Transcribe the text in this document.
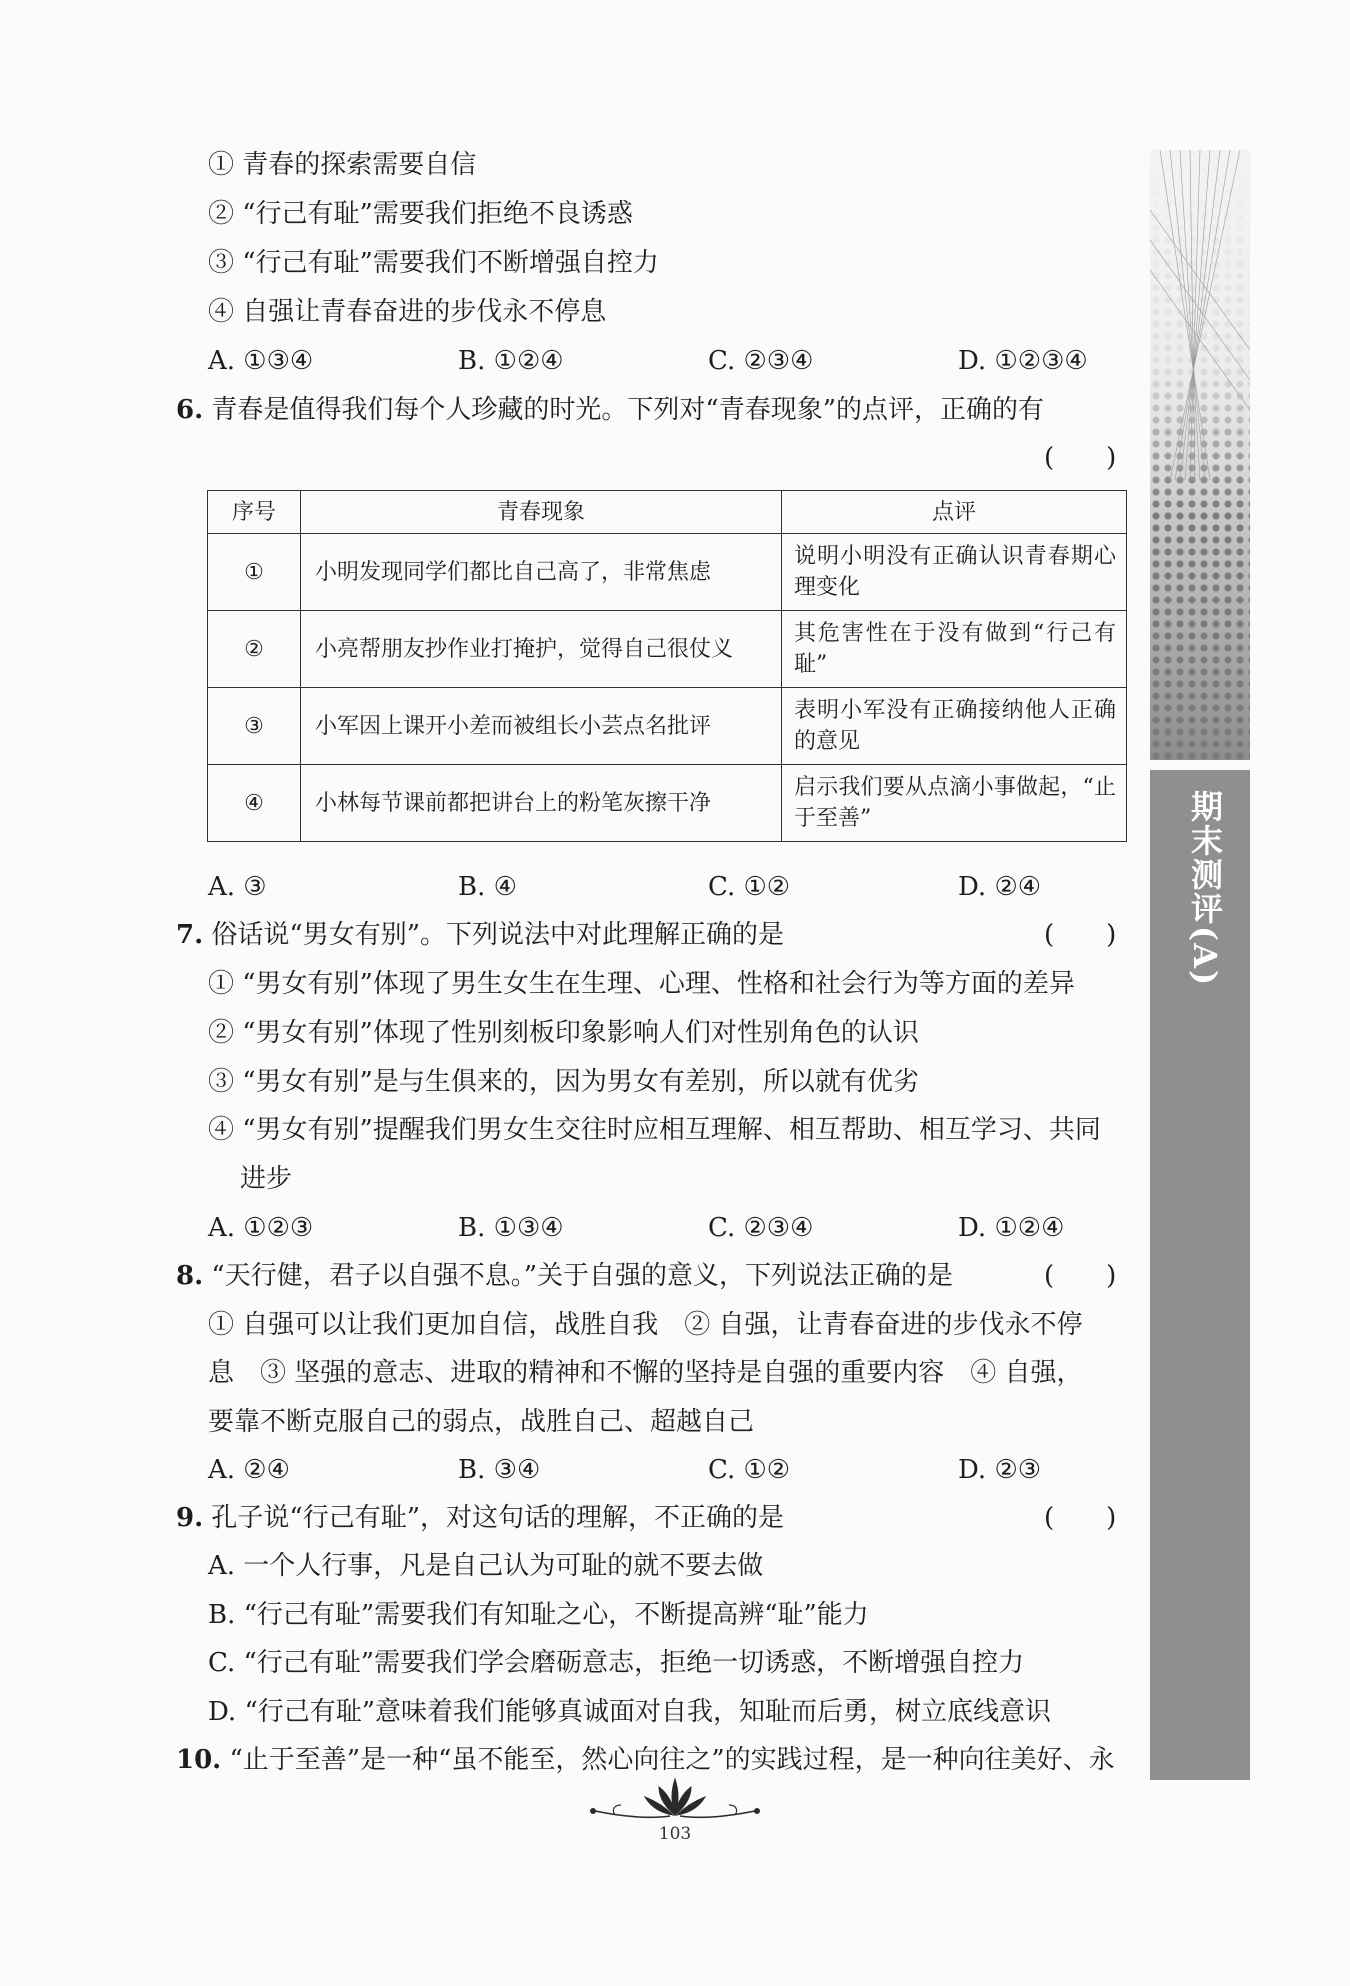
① 青春的探索需要自信
② “行己有耻”需要我们拒绝不良诱惑
③ “行己有耻”需要我们不断增强自控力
④ 自强让青春奋进的步伐永不停息
A. ①③④	B. ①②④	C. ②③④	D. ①②③④
6. 青春是值得我们每个人珍藏的时光。下列对“青春现象”的点评，正确的有
(　　)
序号	青春现象	点评
①	小明发现同学们都比自己高了，非常焦虑	说明小明没有正确认识青春期心理变化
②	小亮帮朋友抄作业打掩护，觉得自己很仗义	其危害性在于没有做到“行己有耻”
③	小军因上课开小差而被组长小芸点名批评	表明小军没有正确接纳他人正确的意见
④	小林每节课前都把讲台上的粉笔灰擦干净	启示我们要从点滴小事做起，“止于至善”
A. ③	B. ④	C. ①②	D. ②④
7. 俗话说“男女有别”。下列说法中对此理解正确的是	(　　)
① “男女有别”体现了男生女生在生理、心理、性格和社会行为等方面的差异
② “男女有别”体现了性别刻板印象影响人们对性别角色的认识
③ “男女有别”是与生俱来的，因为男女有差别，所以就有优劣
④ “男女有别”提醒我们男女生交往时应相互理解、相互帮助、相互学习、共同
进步
A. ①②③	B. ①③④	C. ②③④	D. ①②④
8. “天行健，君子以自强不息。”关于自强的意义，下列说法正确的是	(　　)
① 自强可以让我们更加自信，战胜自我　② 自强，让青春奋进的步伐永不停
息　③ 坚强的意志、进取的精神和不懈的坚持是自强的重要内容　④ 自强，
要靠不断克服自己的弱点，战胜自己、超越自己
A. ②④	B. ③④	C. ①②	D. ②③
9. 孔子说“行己有耻”，对这句话的理解，不正确的是	(　　)
A. 一个人行事，凡是自己认为可耻的就不要去做
B. “行己有耻”需要我们有知耻之心，不断提高辨“耻”能力
C. “行己有耻”需要我们学会磨砺意志，拒绝一切诱惑，不断增强自控力
D. “行己有耻”意味着我们能够真诚面对自我，知耻而后勇，树立底线意识
10. “止于至善”是一种“虽不能至，然心向往之”的实践过程，是一种向往美好、永
期末测评(A)
103
